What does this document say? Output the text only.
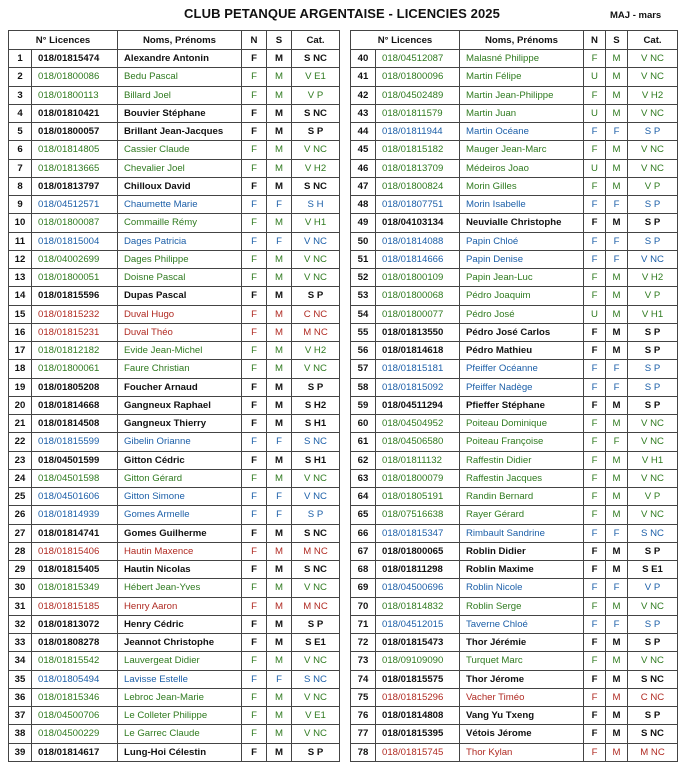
CLUB PETANQUE ARGENTAISE - LICENCIES 2025	MAJ - mars
N° Licences		Noms, Prénoms	N	S	Cat.
1	018/01815474	Alexandre Antonin	F	M	S NC
2	018/01800086	Bedu Pascal	F	M	V E1
3	018/01800113	Billard Joel	F	M	V P
4	018/01810421	Bouvier Stéphane	F	M	S NC
5	018/01800057	Brillant Jean-Jacques	F	M	S P
6	018/01814805	Cassier Claude	F	M	V NC
7	018/01813665	Chevalier Joel	F	M	V H2
8	018/01813797	Chilloux David	F	M	S NC
9	018/04512571	Chaumette Marie	F	F	S H
10	018/01800087	Commaille Rémy	F	M	V H1
11	018/01815004	Dages Patricia	F	F	V NC
12	018/04002699	Dages Philippe	F	M	V NC
13	018/01800051	Doisne Pascal	F	M	V NC
14	018/01815596	Dupas Pascal	F	M	S P
15	018/01815232	Duval Hugo	F	M	C NC
16	018/01815231	Duval Théo	F	M	M NC
17	018/01812182	Evide Jean-Michel	F	M	V H2
18	018/01800061	Faure Christian	F	M	V NC
19	018/01805208	Foucher Arnaud	F	M	S P
20	018/01814668	Gangneux Raphael	F	M	S H2
21	018/01814508	Gangneux Thierry	F	M	S H1
22	018/01815599	Gibelin Orianne	F	F	S NC
23	018/04501599	Gitton Cédric	F	M	S H1
24	018/04501598	Gitton Gérard	F	M	V NC
25	018/04501606	Gitton Simone	F	F	V NC
26	018/01814939	Gomes Armelle	F	F	S P
27	018/01814741	Gomes Guilherme	F	M	S NC
28	018/01815406	Hautin Maxence	F	M	M NC
29	018/01815405	Hautin Nicolas	F	M	S NC
30	018/01815349	Hébert Jean-Yves	F	M	V NC
31	018/01815185	Henry Aaron	F	M	M NC
32	018/01813072	Henry Cédric	F	M	S P
33	018/01808278	Jeannot Christophe	F	M	S E1
34	018/01815542	Lauvergeat Didier	F	M	V NC
35	018/01805494	Lavisse Estelle	F	F	S NC
36	018/01815346	Lebroc Jean-Marie	F	M	V NC
37	018/04500706	Le Colleter Philippe	F	M	V E1
38	018/04500229	Le Garrec Claude	F	M	V NC
39	018/01814617	Lung-Hoi Célestin	F	M	S P
N° Licences		Noms, Prénoms	N	S	Cat.
40	018/04512087	Malasné Philippe	F	M	V NC
41	018/01800096	Martin Félipe	U	M	V NC
42	018/04502489	Martin Jean-Philippe	F	M	V H2
43	018/01811579	Martin Juan	U	M	V NC
44	018/01811944	Martin Océane	F	F	S P
45	018/01815182	Mauger Jean-Marc	F	M	V NC
46	018/01813709	Médeiros Joao	U	M	V NC
47	018/01800824	Morin Gilles	F	M	V P
48	018/01807751	Morin Isabelle	F	F	S P
49	018/04103134	Neuvialle Christophe	F	M	S P
50	018/01814088	Papin Chloé	F	F	S P
51	018/01814666	Papin Denise	F	F	V NC
52	018/01800109	Papin Jean-Luc	F	M	V H2
53	018/01800068	Pédro Joaquim	F	M	V P
54	018/01800077	Pédro José	U	M	V H1
55	018/01813550	Pédro José Carlos	F	M	S P
56	018/01814618	Pédro Mathieu	F	M	S P
57	018/01815181	Pfeiffer Océanne	F	F	S P
58	018/01815092	Pfeiffer Nadège	F	F	S P
59	018/04511294	Pfieffer Stéphane	F	M	S P
60	018/04504952	Poiteau Dominique	F	M	V NC
61	018/04506580	Poiteau Françoise	F	F	V NC
62	018/01811132	Raffestin Didier	F	M	V H1
63	018/01800079	Raffestin Jacques	F	M	V NC
64	018/01805191	Randin Bernard	F	M	V P
65	018/07516638	Rayer Gérard	F	M	V NC
66	018/01815347	Rimbault Sandrine	F	F	S NC
67	018/01800065	Roblin Didier	F	M	S P
68	018/01811298	Roblin Maxime	F	M	S E1
69	018/04500696	Roblin Nicole	F	F	V P
70	018/01814832	Roblin Serge	F	M	V NC
71	018/04512015	Taverne Chloé	F	F	S P
72	018/01815473	Thor Jérémie	F	M	S P
73	018/09109090	Turquet Marc	F	M	V NC
74	018/01815575	Thor Jérome	F	M	S NC
75	018/01815296	Vacher Timéo	F	M	C NC
76	018/01814808	Vang Yu Txeng	F	M	S P
77	018/01815395	Vétois Jérome	F	M	S NC
78	018/01815745	Thor Kylan	F	M	M NC
